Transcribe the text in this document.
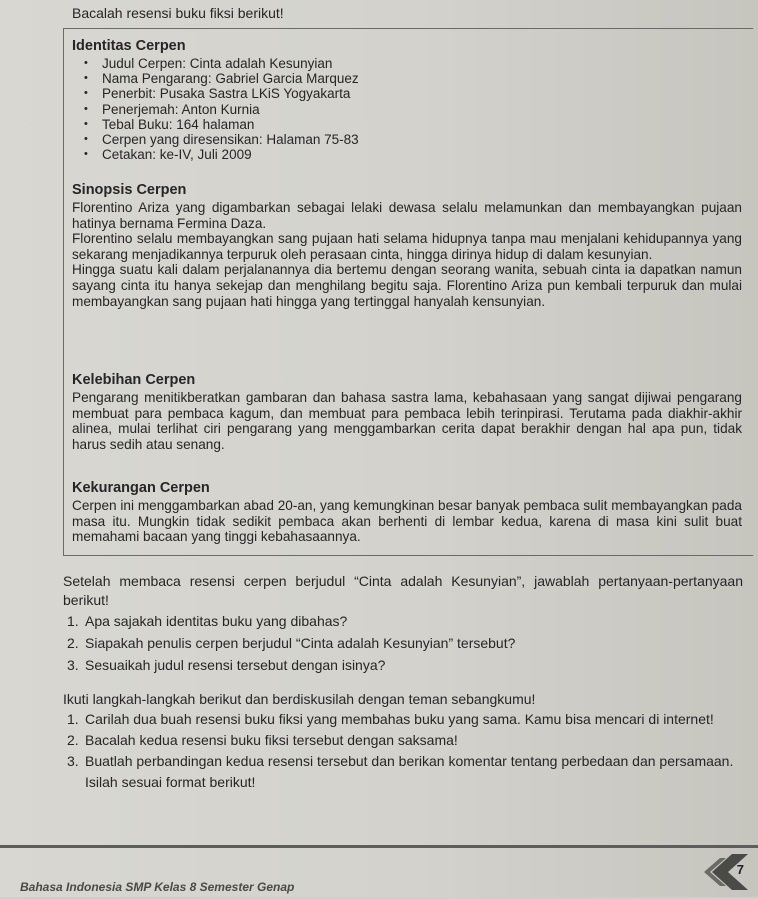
Bacalah resensi buku fiksi berikut!
Identitas Cerpen
• Judul Cerpen: Cinta adalah Kesunyian
• Nama Pengarang: Gabriel Garcia Marquez
• Penerbit: Pusaka Sastra LKiS Yogyakarta
• Penerjemah: Anton Kurnia
• Tebal Buku: 164 halaman
• Cerpen yang diresensikan: Halaman 75-83
• Cetakan: ke-IV, Juli 2009
Sinopsis Cerpen

Florentino Ariza yang digambarkan sebagai lelaki dewasa selalu melamunkan dan membayangkan pujaan hatinya bernama Fermina Daza.

Florentino selalu membayangkan sang pujaan hati selama hidupnya tanpa mau menjalani kehidupannya yang sekarang menjadikannya terpuruk oleh perasaan cinta, hingga dirinya hidup di dalam kesunyian.

Hingga suatu kali dalam perjalanannya dia bertemu dengan seorang wanita, sebuah cinta ia dapatkan namun sayang cinta itu hanya sekejap dan menghilang begitu saja. Florentino Ariza pun kembali terpuruk dan mulai membayangkan sang pujaan hati hingga yang tertinggal hanyalah kensunyian.

Kelebihan Cerpen

Pengarang menitikberatkan gambaran dan bahasa sastra lama, kebahasaan yang sangat dijiwai pengarang membuat para pembaca kagum, dan membuat para pembaca lebih terinpirasi. Terutama pada diakhir-akhir alinea, mulai terlihat ciri pengarang yang menggambarkan cerita dapat berakhir dengan hal apa pun, tidak harus sedih atau senang.

Kekurangan Cerpen

Cerpen ini menggambarkan abad 20-an, yang kemungkinan besar banyak pembaca sulit membayangkan pada masa itu. Mungkin tidak sedikit pembaca akan berhenti di lembar kedua, karena di masa kini sulit buat memahami bacaan yang tinggi kebahasaannya.

Setelah membaca resensi cerpen berjudul “Cinta adalah Kesunyian”, jawablah pertanyaan-pertanyaan berikut!

1. Apa sajakah identitas buku yang dibahas?
2. Siapakah penulis cerpen berjudul “Cinta adalah Kesunyian” tersebut?
3. Sesuaikah judul resensi tersebut dengan isinya?

Ikuti langkah-langkah berikut dan berdiskusilah dengan teman sebangkumu!

1. Carilah dua buah resensi buku fiksi yang membahas buku yang sama. Kamu bisa mencari di internet!
2. Bacalah kedua resensi buku fiksi tersebut dengan saksama!
3. Buatlah perbandingan kedua resensi tersebut dan berikan komentar tentang perbedaan dan persamaan. Isilah sesuai format berikut!
7
Bahasa Indonesia SMP Kelas 8 Semester Genap
